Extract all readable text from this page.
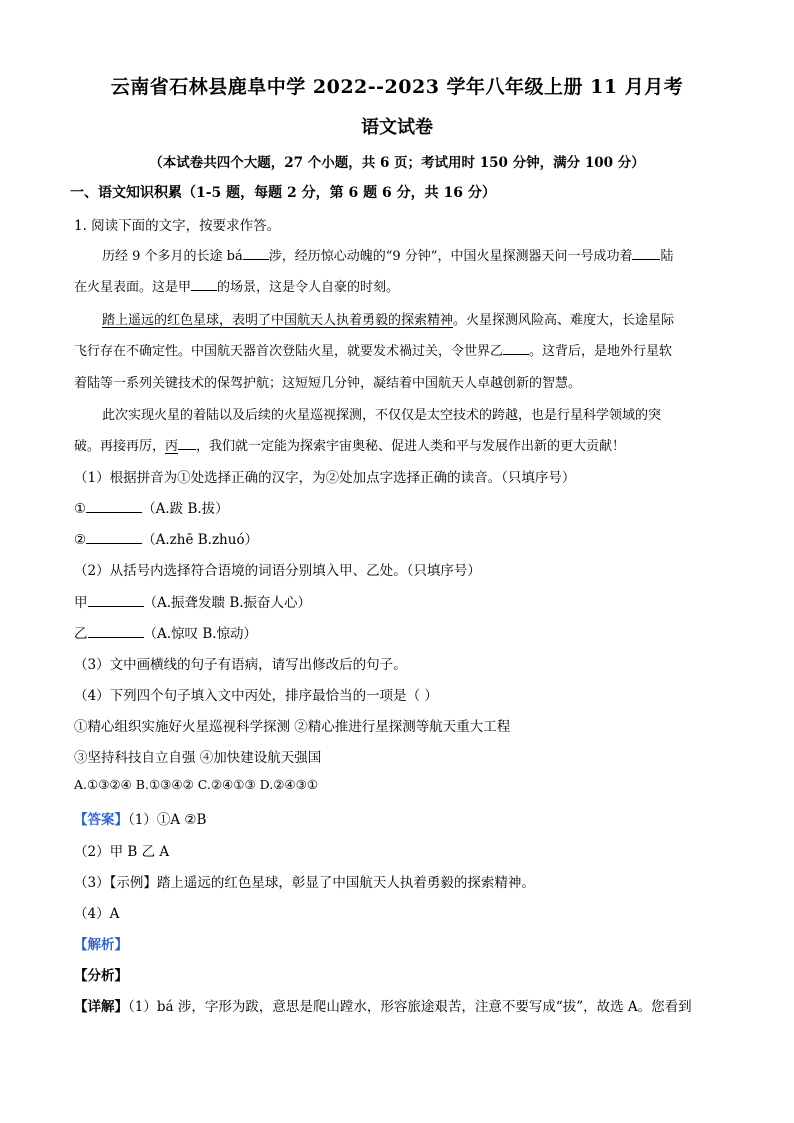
云南省石林县鹿阜中学 2022--2023 学年八年级上册 11 月月考
语文试卷
（本试卷共四个大题，27 个小题，共 6 页；考试用时 150 分钟，满分 100 分）
一、语文知识积累（1-5 题，每题 2 分，第 6 题 6 分，共 16 分）
1. 阅读下面的文字，按要求作答。
历经 9 个多月的长途 bá 涉，经历惊心动魄的“9 分钟”，中国火星探测器天问一号成功着 陆
在火星表面。这是甲 的场景，这是令人自豪的时刻。
踏上遥远的红色星球，表明了中国航天人执着勇毅的探索精神。火星探测风险高、难度大，长途星际
飞行存在不确定性。中国航天器首次登陆火星，就要发术禍过关，令世界乙 。这背后，是地外行星软
着陆等一系列关键技术的保驾护航；这短短几分钟，凝结着中国航天人卓越创新的智慧。
此次实现火星的着陆以及后续的火星巡视探测，不仅仅是太空技术的跨越，也是行星科学领域的突
破。再接再厉，丙 ，我们就一定能为探索宇宙奥秘、促进人类和平与发展作出新的更大贡献！
（1）根据拼音为①处选择正确的汉字，为②处加点字选择正确的读音。（只填序号）
①	（A.跋 B.拔）
②	（A.zhē B.zhuó）
（2）从括号内选择符合语境的词语分别填入甲、乙处。（只填序号）
甲	（A.振聋发聩 B.振奋人心）
乙	（A.惊叹 B.惊动）
（3）文中画横线的句子有语病，请写出修改后的句子。
（4）下列四个句子填入文中丙处，排序最恰当的一项是（ ）
①精心组织实施好火星巡视科学探测 ②精心推进行星探测等航天重大工程
③坚持科技自立自强 ④加快建设航天强国
A.①③②④ B.①③④② C.②④①③ D.②④③①
【答案】（1）①A ②B
（2）甲 B 乙 A
（3）【示例】踏上遥远的红色星球，彰显了中国航天人执着勇毅的探索精神。
（4）A
【解析】
【分析】
【详解】（1）bá 涉，字形为跋，意思是爬山蹚水，形容旅途艰苦，注意不要写成“拔”，故选 A。您看到
